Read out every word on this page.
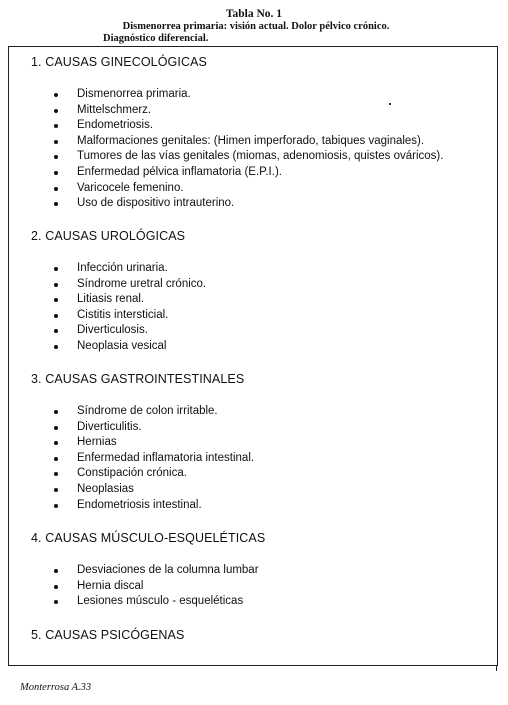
Tabla No. 1
Dismenorrea primaria: visión actual. Dolor pélvico crónico.
Diagnóstico diferencial.

1. CAUSAS GINECOLÓGICAS

Dismenorrea primaria.
Mittelschmerz.
Endometriosis.
Malformaciones genitales: (Himen imperforado, tabiques vaginales).
Tumores de las vías genitales (miomas, adenomiosis, quistes ováricos).
Enfermedad pélvica inflamatoria (E.P.I.).
Varicocele femenino.
Uso de dispositivo intrauterino.

2. CAUSAS UROLÓGICAS

Infección urinaria.
Síndrome uretral crónico.
Litiasis renal.
Cistitis intersticial.
Diverticulosis.
Neoplasia vesical

3. CAUSAS GASTROINTESTINALES

Síndrome de colon irritable.
Diverticulitis.
Hernias
Enfermedad inflamatoria intestinal.
Constipación crónica.
Neoplasias
Endometriosis intestinal.

4. CAUSAS MÚSCULO-ESQUELÉTICAS

Desviaciones de la columna lumbar
Hernia discal
Lesiones músculo - esqueléticas

5. CAUSAS PSICÓGENAS

Monterrosa A.33
